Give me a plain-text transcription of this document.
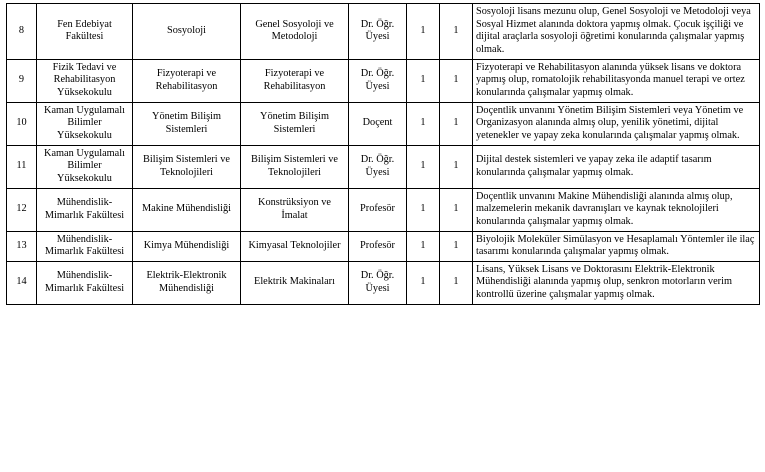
8	Fen Edebiyat Fakültesi	Sosyoloji	Genel Sosyoloji ve Metodoloji	Dr. Öğr. Üyesi	1	1	Sosyoloji lisans mezunu olup, Genel Sosyoloji ve Metodoloji veya Sosyal Hizmet alanında doktora yapmış olmak. Çocuk işçiliği ve dijital araçlarla sosyoloji öğretimi konularında çalışmalar yapmış olmak.
9	Fizik Tedavi ve Rehabilitasyon Yüksekokulu	Fizyoterapi ve Rehabilitasyon	Fizyoterapi ve Rehabilitasyon	Dr. Öğr. Üyesi	1	1	Fizyoterapi ve Rehabilitasyon alanında yüksek lisans ve doktora yapmış olup, romatolojik rehabilitasyonda manuel terapi ve ortez konularında çalışmalar yapmış olmak.
10	Kaman Uygulamalı Bilimler Yüksekokulu	Yönetim Bilişim Sistemleri	Yönetim Bilişim Sistemleri	Doçent	1	1	Doçentlik unvanını Yönetim Bilişim Sistemleri veya Yönetim ve Organizasyon alanında almış olup, yenilik yönetimi, dijital yetenekler ve yapay zeka konularında çalışmalar yapmış olmak.
11	Kaman Uygulamalı Bilimler Yüksekokulu	Bilişim Sistemleri ve Teknolojileri	Bilişim Sistemleri ve Teknolojileri	Dr. Öğr. Üyesi	1	1	Dijital destek sistemleri ve yapay zeka ile adaptif tasarım konularında çalışmalar yapmış olmak.
12	Mühendislik-Mimarlık Fakültesi	Makine Mühendisliği	Konstrüksiyon ve İmalat	Profesör	1	1	Doçentlik unvanını Makine Mühendisliği alanında almış olup, malzemelerin mekanik davranışları ve kaynak teknolojileri konularında çalışmalar yapmış olmak.
13	Mühendislik-Mimarlık Fakültesi	Kimya Mühendisliği	Kimyasal Teknolojiler	Profesör	1	1	Biyolojik Moleküler Simülasyon ve Hesaplamalı Yöntemler ile ilaç tasarımı konularında çalışmalar yapmış olmak.
14	Mühendislik-Mimarlık Fakültesi	Elektrik-Elektronik Mühendisliği	Elektrik Makinaları	Dr. Öğr. Üyesi	1	1	Lisans, Yüksek Lisans ve Doktorasını Elektrik-Elektronik Mühendisliği alanında yapmış olup, senkron motorların verim kontrollü üzerine çalışmalar yapmış olmak.
